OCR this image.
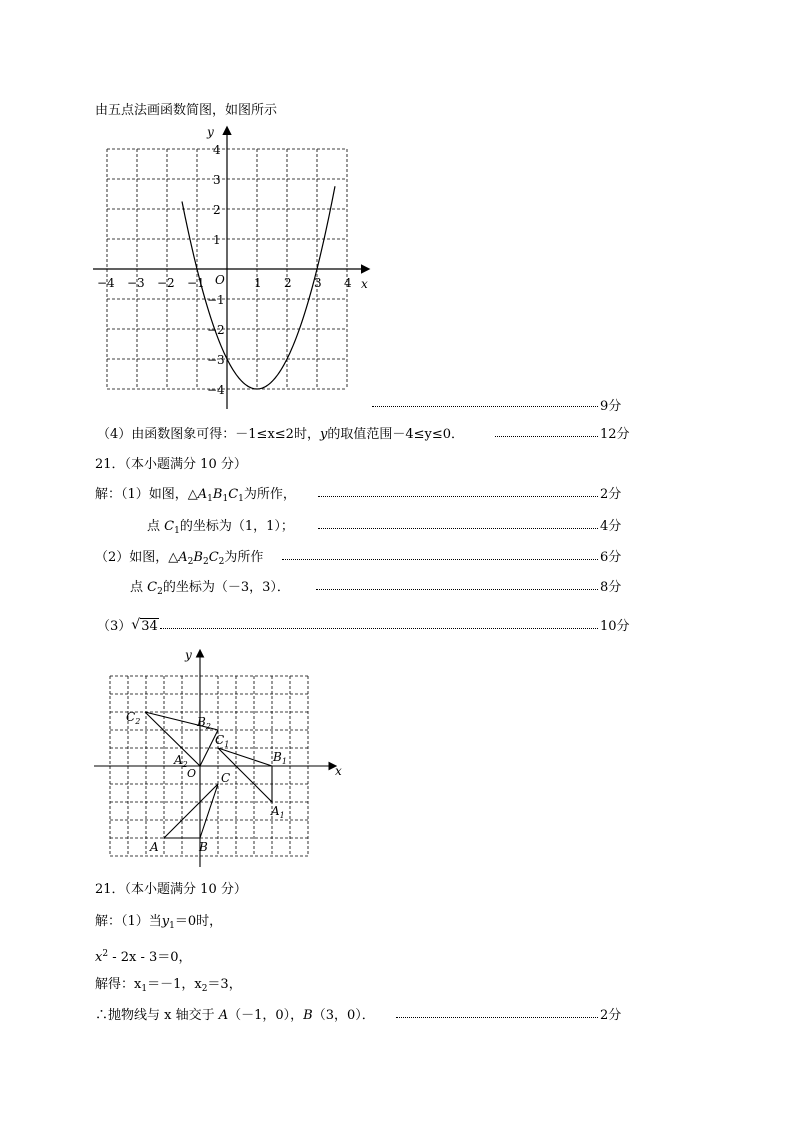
由五点法画函数简图，如图所示
x
y
O
−4 −3 −2 −1	1 2 3 4
4
3
2
1
−1
−2
−3
−4
9分
（4）由函数图象可得：－1≤x≤2时，y的取值范围－4≤y≤0．	12分
21．（本小题满分 10 分）
解：（1）如图，$\triangle A_1B_1C_1$为所作，	2分
点 $C_1$的坐标为（1，1）；	4分
（2）如图，$\triangle A_2B_2C_2$为所作	6分
点 $C_2$的坐标为（－3，3）．	8分
（3） √ 34	10分
x
y
O
$C_2$	$B_2$
$A_2$
$C_1$
$B_1$
$A_1$
A	B
C
21．（本小题满分 10 分）
解：（1）当$y_1=0$时，
$x^2 - 2x - 3=0$，
解得：$x_1=-1$，$x_2=3$，
∴抛物线与 x 轴交于 A（－1，0），B（3，0）．	2分
